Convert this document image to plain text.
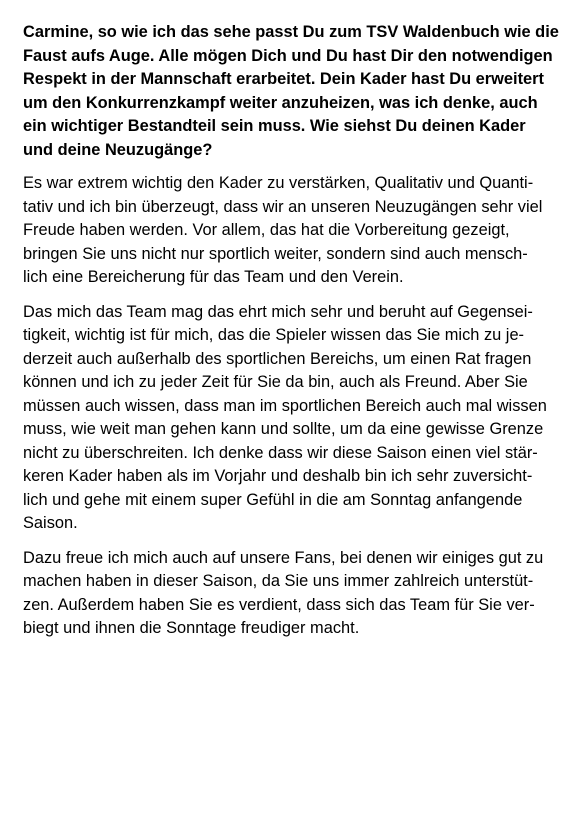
Carmine, so wie ich das sehe passt Du zum TSV Waldenbuch wie die
Faust aufs Auge. Alle mögen Dich und Du hast Dir den notwendigen
Respekt in der Mannschaft erarbeitet. Dein Kader hast Du erweitert
um den Konkurrenzkampf weiter anzuheizen, was ich denke, auch
ein wichtiger Bestandteil sein muss. Wie siehst Du deinen Kader
und deine Neuzugänge?
Es war extrem wichtig den Kader zu verstärken, Qualitativ und Quanti-
tativ und ich bin überzeugt, dass wir an unseren Neuzugängen sehr viel
Freude haben werden. Vor allem, das hat die Vorbereitung gezeigt,
bringen Sie uns nicht nur sportlich weiter, sondern sind auch mensch-
lich eine Bereicherung für das Team und den Verein.
Das mich das Team mag das ehrt mich sehr und beruht auf Gegensei-
tigkeit, wichtig ist für mich, das die Spieler wissen das Sie mich zu je-
derzeit auch außerhalb des sportlichen Bereichs, um einen Rat fragen
können und ich zu jeder Zeit für Sie da bin, auch als Freund. Aber Sie
müssen auch wissen, dass man im sportlichen Bereich auch mal wissen
muss, wie weit man gehen kann und sollte, um da eine gewisse Grenze
nicht zu überschreiten. Ich denke dass wir diese Saison einen viel stär-
keren Kader haben als im Vorjahr und deshalb bin ich sehr zuversicht-
lich und gehe mit einem super Gefühl in die am Sonntag anfangende
Saison.
Dazu freue ich mich auch auf unsere Fans, bei denen wir einiges gut zu
machen haben in dieser Saison, da Sie uns immer zahlreich unterstüt-
zen. Außerdem haben Sie es verdient, dass sich das Team für Sie ver-
biegt und ihnen die Sonntage freudiger macht.
